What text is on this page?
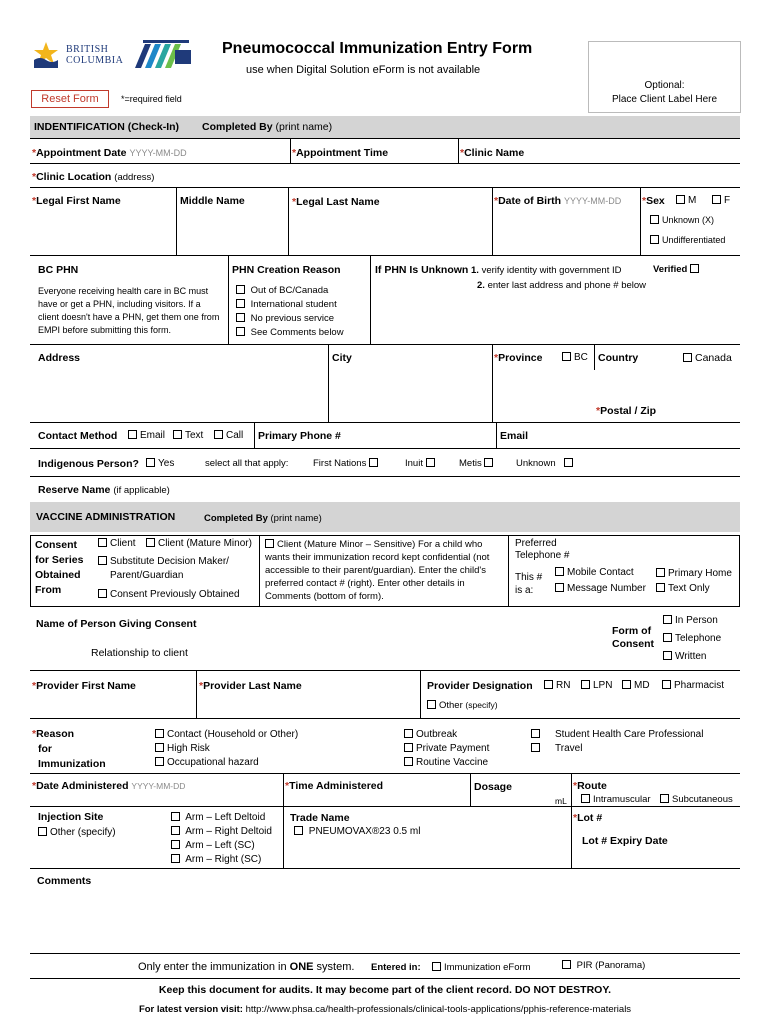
BRITISH
COLUMBIA
Pneumococcal Immunization Entry Form
use when Digital Solution eForm is not available
Reset Form	*=required field
Optional:
Place Client Label Here
INDENTIFICATION (Check-In) Completed By (print name)
*Appointment Date YYYY-MM-DD	*Appointment Time	*Clinic Name
*Clinic Location (address)
*Legal First Name	Middle Name	*Legal Last Name	*Date of Birth YYYY-MM-DD *Sex	M	F
Unknown (X)
Undifferentiated
BC PHN
Everyone receiving health care in BC must have or get a PHN, including visitors. If a client doesn't have a PHN, get them one from EMPI before submitting this form.
PHN Creation Reason
Out of BC/Canada
International student
No previous service
See Comments below
If PHN Is Unknown 1. verify identity with government ID	Verified
2. enter last address and phone # below
Address	City	*Province	BC Country	Canada
*Postal / Zip
Contact Method	Email	Text	Call Primary Phone #	Email
Indigenous Person?	Yes	select all that apply:	First Nations	Inuit	Metis	Unknown
Reserve Name (if applicable)
VACCINE ADMINISTRATION	Completed By (print name)
Consent
for Series
Obtained
From
Client	Client (Mature Minor)
Substitute Decision Maker/
Parent/Guardian
Consent Previously Obtained
Client (Mature Minor – Sensitive) For a child who wants their immunization record kept confidential (not accessible to their parent/guardian). Enter the child's preferred contact # (right). Enter other details in Comments (bottom of form).
Preferred
Telephone #
This #
is a:
Mobile Contact
Message Number
Primary Home
Text Only
Name of Person Giving Consent
Relationship to client
Form of
Consent
In Person
Telephone
Written
*Provider First Name	*Provider Last Name	Provider Designation	RN	LPN	MD	Pharmacist
Other (specify)
*Reason
for
Immunization
Contact (Household or Other)
High Risk
Occupational hazard
Outbreak
Private Payment
Routine Vaccine
Student Health Care Professional
Travel
*Date Administered YYYY-MM-DD	*Time Administered	Dosage
mL
*Route
Intramuscular	Subcutaneous
Injection Site
Other (specify)
Arm – Left Deltoid
Arm – Right Deltoid
Arm – Left (SC)
Arm – Right (SC)
Trade Name
PNEUMOVAX®23 0.5 ml
*Lot #
Lot # Expiry Date
Comments
Only enter the immunization in ONE system. Entered in:	Immunization eForm	PIR (Panorama)
Keep this document for audits. It may become part of the client record. DO NOT DESTROY.
For latest version visit: http://www.phsa.ca/health-professionals/clinical-tools-applications/pphis-reference-materials
